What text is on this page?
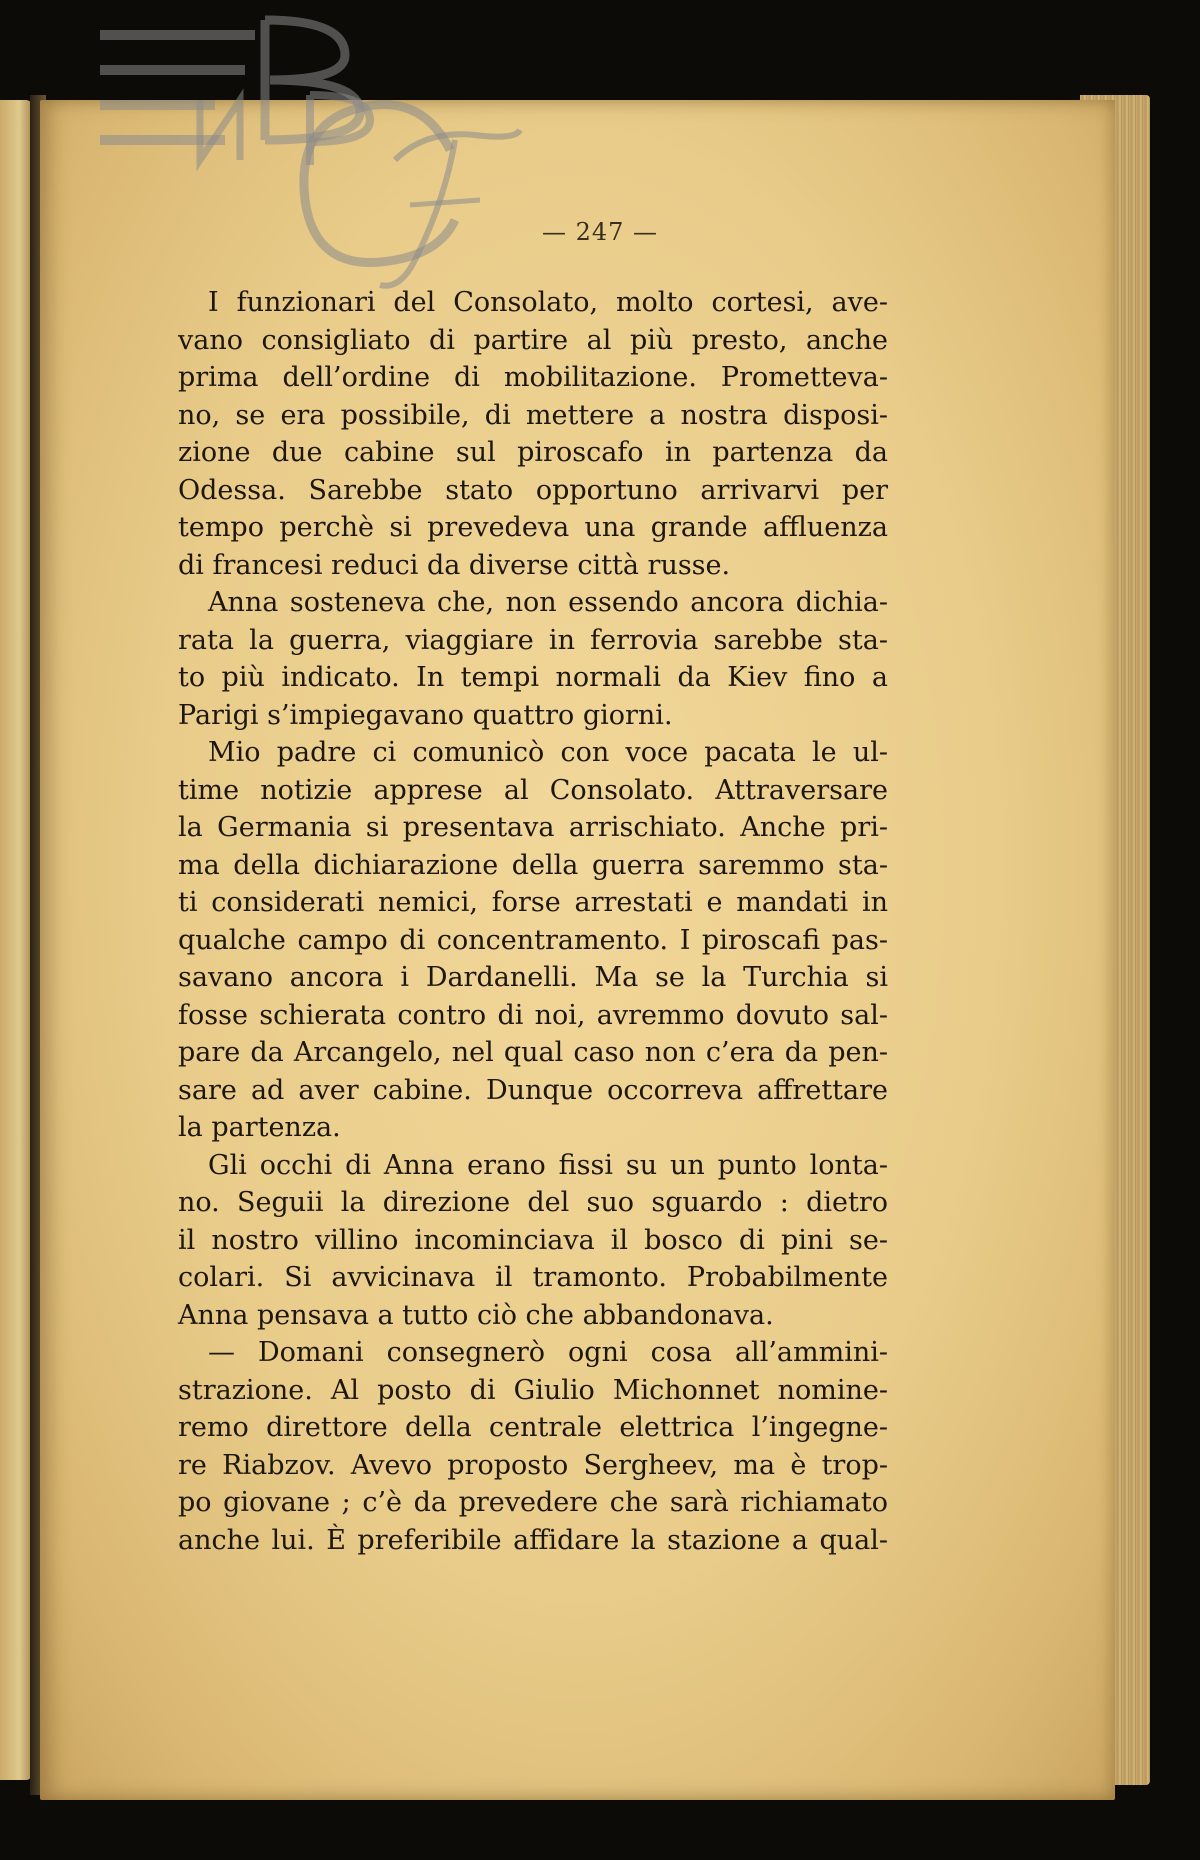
— 247 —
I funzionari del Consolato, molto cortesi, ave-
vano consigliato di partire al più presto, anche
prima dell’ordine di mobilitazione. Prometteva-
no, se era possibile, di mettere a nostra disposi-
zione due cabine sul piroscafo in partenza da
Odessa. Sarebbe stato opportuno arrivarvi per
tempo perchè si prevedeva una grande affluenza
di francesi reduci da diverse città russe.
Anna sosteneva che, non essendo ancora dichia-
rata la guerra, viaggiare in ferrovia sarebbe sta-
to più indicato. In tempi normali da Kiev fino a
Parigi s’impiegavano quattro giorni.
Mio padre ci comunicò con voce pacata le ul-
time notizie apprese al Consolato. Attraversare
la Germania si presentava arrischiato. Anche pri-
ma della dichiarazione della guerra saremmo sta-
ti considerati nemici, forse arrestati e mandati in
qualche campo di concentramento. I piroscafi pas-
savano ancora i Dardanelli. Ma se la Turchia si
fosse schierata contro di noi, avremmo dovuto sal-
pare da Arcangelo, nel qual caso non c’era da pen-
sare ad aver cabine. Dunque occorreva affrettare
la partenza.
Gli occhi di Anna erano fissi su un punto lonta-
no. Seguii la direzione del suo sguardo : dietro
il nostro villino incominciava il bosco di pini se-
colari. Si avvicinava il tramonto. Probabilmente
Anna pensava a tutto ciò che abbandonava.
— Domani consegnerò ogni cosa all’ammini-
strazione. Al posto di Giulio Michonnet nomine-
remo direttore della centrale elettrica l’ingegne-
re Riabzov. Avevo proposto Sergheev, ma è trop-
po giovane ; c’è da prevedere che sarà richiamato
anche lui. È preferibile affidare la stazione a qual-
